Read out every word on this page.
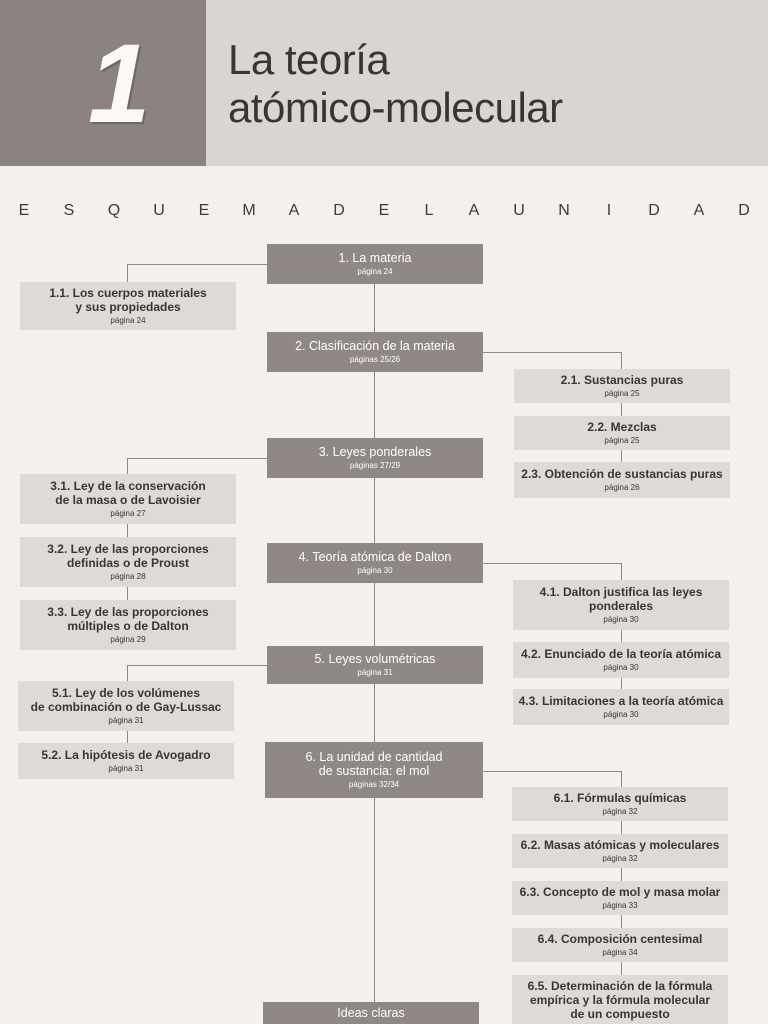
1 La teoría
atómico-molecular
E S Q U E M A D E	L	A U N	I	D A D
1. La materia
página 24
2. Clasificación de la materia
páginas 25/26
3. Leyes ponderales
páginas 27/29
4. Teoría atómica de Dalton
página 30
5. Leyes volumétricas
página 31
6. La unidad de cantidad
de sustancia: el mol
páginas 32/34
Ideas claras
1.1. Los cuerpos materiales
y sus propiedades
página 24
3.1. Ley de la conservación
de la masa o de Lavoisier
página 27
3.2. Ley de las proporciones
definidas o de Proust
página 28
3.3. Ley de las proporciones
múltiples o de Dalton
página 29
5.1. Ley de los volúmenes
de combinación o de Gay-Lussac
página 31
5.2. La hipótesis de Avogadro
página 31
2.1. Sustancias puras
página 25
2.2. Mezclas
página 25
2.3. Obtención de sustancias puras
página 26
4.1. Dalton justifica las leyes
ponderales
página 30
4.2. Enunciado de la teoría atómica
página 30
4.3. Limitaciones a la teoría atómica
página 30
6.1. Fórmulas químicas
página 32
6.2. Masas atómicas y moleculares
página 32
6.3. Concepto de mol y masa molar
página 33
6.4. Composición centesimal
página 34
6.5. Determinación de la fórmula
empírica y la fórmula molecular
de un compuesto
